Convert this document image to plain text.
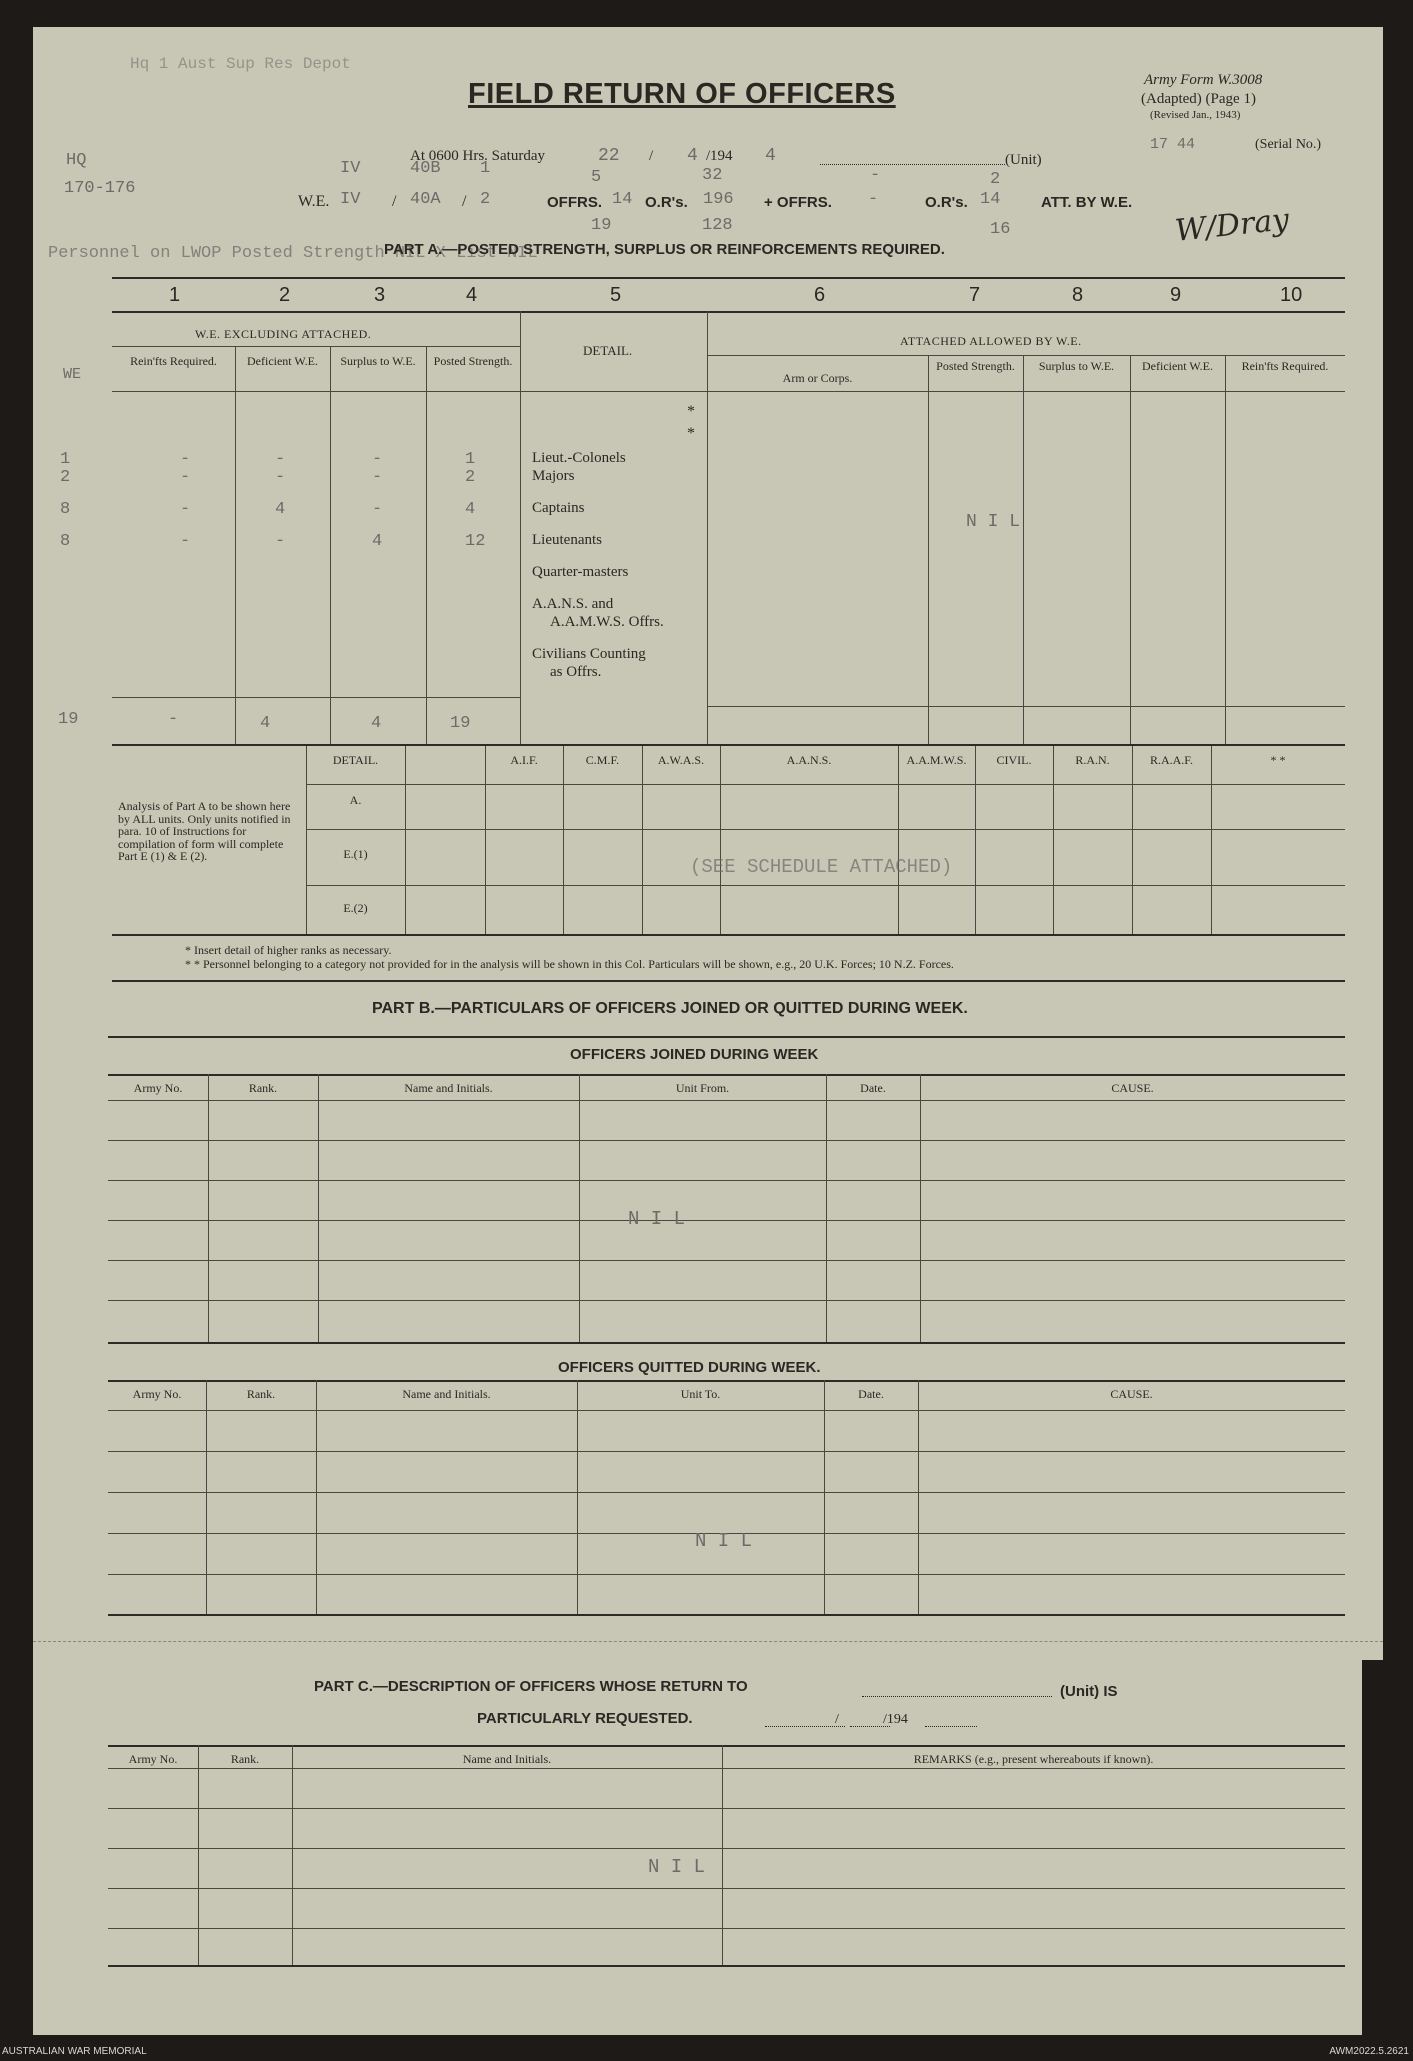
Hq 1 Aust Sup Res Depot
FIELD RETURN OF OFFICERS	Army Form W.3008
(Adapted) (Page 1)
(Revised Jan., 1943)
17 44	(Serial No.)
At 0600 Hrs. Saturday	22 / 4 194
/	4	(Unit)
HQ
170-176
IV	40B 1	5	32	-	2
W.E. IV / 40A / 2	OFFRS. 14 O.R's. 196 + OFFRS. -	O.R's. 14	ATT. BY W.E. W/Dray
19	128	16
Personnel on LWOP Posted Strength NIL X List NIL
PART A.—POSTED STRENGTH, SURPLUS OR REINFORCEMENTS REQUIRED.
1	2	3	4	5	6	7	8	9	10
W.E. EXCLUDING ATTACHED.
DETAIL.
ATTACHED ALLOWED BY W.E.
Rein'fts Required.	Deficient W.E.	Surplus to W.E.	Posted Strength.
Arm or Corps.
Posted Strength.	Surplus to W.E.	Deficient W.E.	Rein'fts Required.
WE
*
*
1	-	-	-	1	Lieut.-Colonels
2	-	-	-	2	Majors
8	-	4	-	4	Captains
8	-	-	4	12	Lieutenants
Quarter-masters
A.A.N.S. and
A.A.M.W.S. Offrs.
Civilians Counting
as Offrs.
N I L
19	-	4	4	19
Analysis of Part A to be shown here by ALL units. Only units notified in para. 10 of Instructions for compilation of form will complete Part E (1) & E (2).
DETAIL.	A.I.F.	C.M.F.	A.W.A.S.	A.A.N.S.	A.A.M.W.S.	CIVIL.	R.A.N.	R.A.A.F.	* *
A.
E.(1)
E.(2)
(SEE SCHEDULE ATTACHED)
* Insert detail of higher ranks as necessary.
* * Personnel belonging to a category not provided for in the analysis will be shown in this Col. Particulars will be shown, e.g., 20 U.K. Forces; 10 N.Z. Forces.
PART B.—PARTICULARS OF OFFICERS JOINED OR QUITTED DURING WEEK.
OFFICERS JOINED DURING WEEK
Army No.	Rank.	Name and Initials.	Unit From.	Date.	CAUSE.
N I L
OFFICERS QUITTED DURING WEEK.
Army No.	Rank.	Name and Initials.	Unit To.	Date.	CAUSE.
N I L
PART C.—DESCRIPTION OF OFFICERS WHOSE RETURN TO	(Unit) IS
PARTICULARLY REQUESTED.	/	/194
Army No.	Rank.	Name and Initials.	REMARKS (e.g., present whereabouts if known).
N I L
AUSTRALIAN WAR MEMORIAL	AWM2022.5.2621
